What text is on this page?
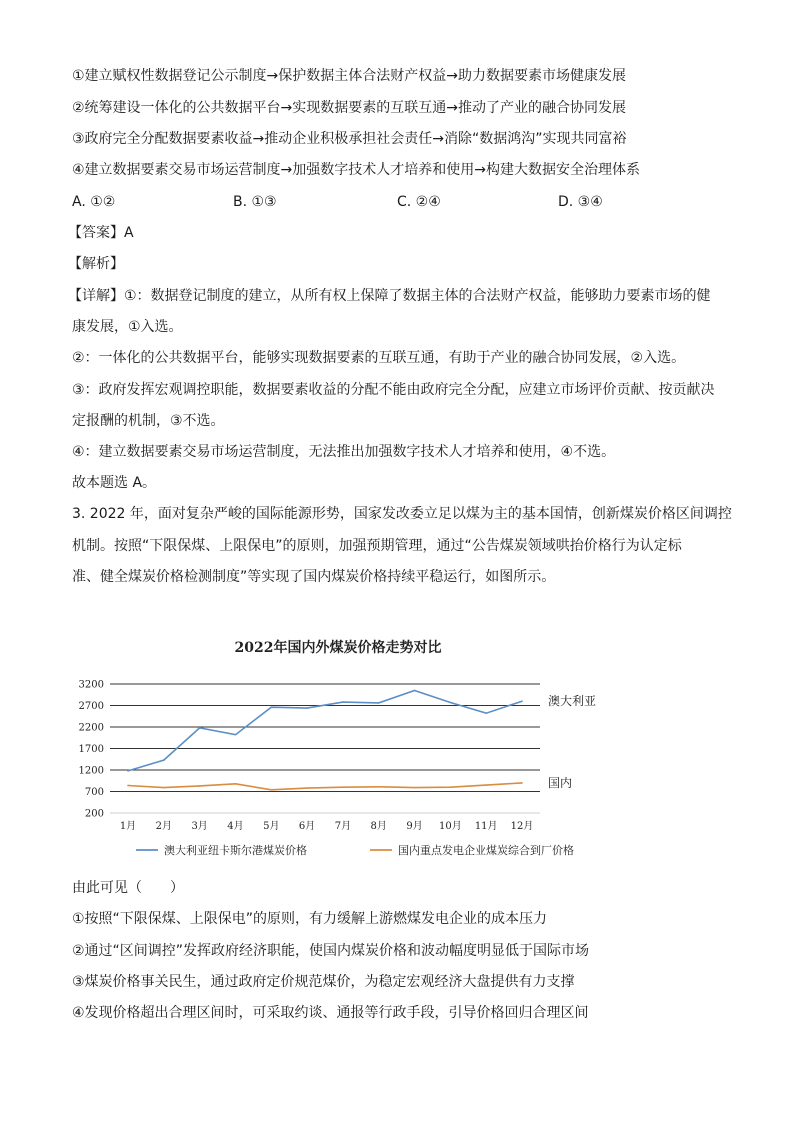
①建立赋权性数据登记公示制度→保护数据主体合法财产权益→助力数据要素市场健康发展
②统筹建设一体化的公共数据平台→实现数据要素的互联互通→推动了产业的融合协同发展
③政府完全分配数据要素收益→推动企业积极承担社会责任→消除“数据鸿沟”实现共同富裕
④建立数据要素交易市场运营制度→加强数字技术人才培养和使用→构建大数据安全治理体系
A. ①②	B. ①③	C. ②④	D. ③④
【答案】A
【解析】
【详解】①：数据登记制度的建立，从所有权上保障了数据主体的合法财产权益，能够助力要素市场的健
康发展，①入选。
②：一体化的公共数据平台，能够实现数据要素的互联互通，有助于产业的融合协同发展，②入选。
③：政府发挥宏观调控职能，数据要素收益的分配不能由政府完全分配，应建立市场评价贡献、按贡献决
定报酬的机制，③不选。
④：建立数据要素交易市场运营制度，无法推出加强数字技术人才培养和使用，④不选。
故本题选 A。
3. 2022 年，面对复杂严峻的国际能源形势，国家发改委立足以煤为主的基本国情，创新煤炭价格区间调控
机制。按照“下限保煤、上限保电”的原则，加强预期管理，通过“公告煤炭领域哄抬价格行为认定标
准、健全煤炭价格检测制度”等实现了国内煤炭价格持续平稳运行，如图所示。
2022年国内外煤炭价格走势对比
200
700
1200
1700
2200
2700
3200
1月 2月 3月 4月 5月 6月 7月 8月 9月 10月 11月 12月
澳大利亚
国内
澳大利亚纽卡斯尔港煤炭价格	国内重点发电企业煤炭综合到厂价格
由此可见（　　）
①按照“下限保煤、上限保电”的原则，有力缓解上游燃煤发电企业的成本压力
②通过“区间调控”发挥政府经济职能，使国内煤炭价格和波动幅度明显低于国际市场
③煤炭价格事关民生，通过政府定价规范煤价，为稳定宏观经济大盘提供有力支撑
④发现价格超出合理区间时，可采取约谈、通报等行政手段，引导价格回归合理区间
